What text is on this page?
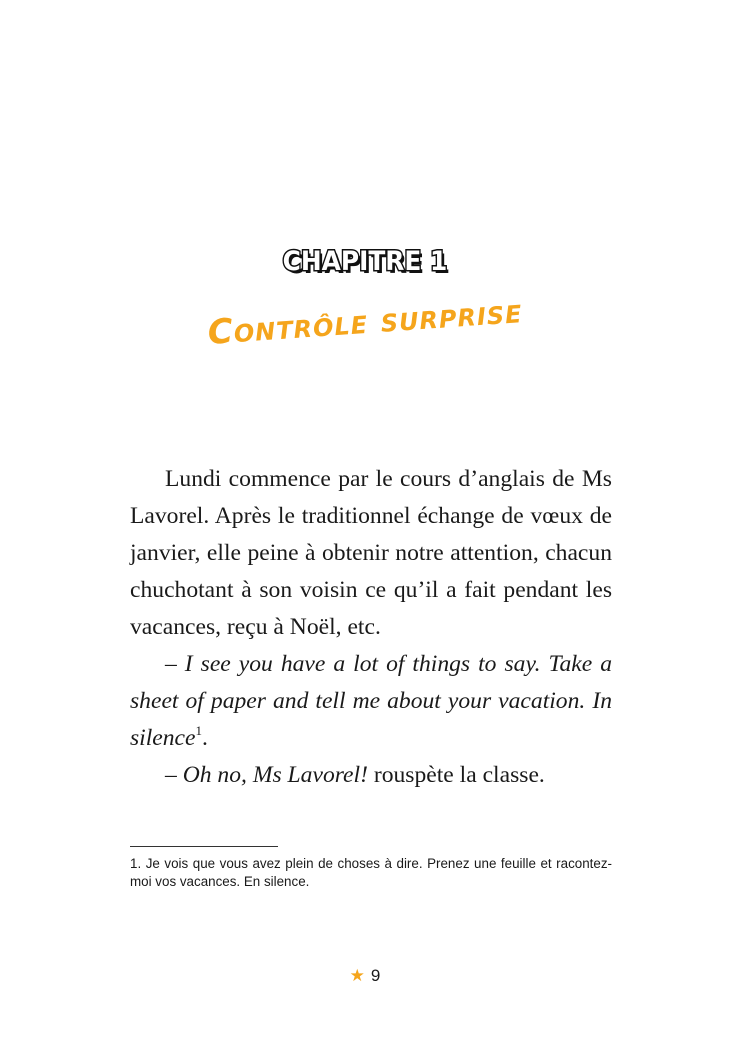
CHAPITRE 1
Contrôle surprise

Lundi commence par le cours d’anglais de Ms Lavorel. Après le traditionnel échange de vœux de janvier, elle peine à obtenir notre attention, chacun chuchotant à son voisin ce qu’il a fait pendant les vacances, reçu à Noël, etc.

– I see you have a lot of things to say. Take a sheet of paper and tell me about your vacation. In silence$^1$.

– Oh no, Ms Lavorel! rouspète la classe.

1. Je vois que vous avez plein de choses à dire. Prenez une feuille et racontez-moi vos vacances. En silence.
★ 9
